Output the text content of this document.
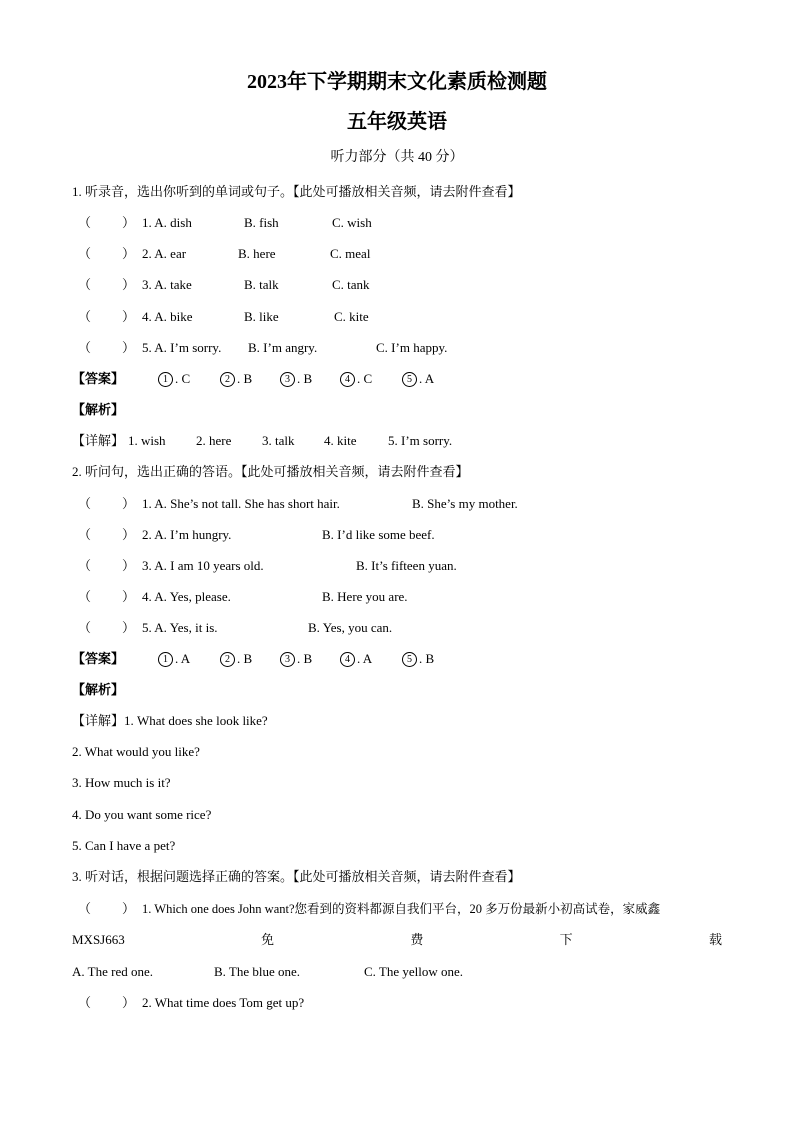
2023年下学期期末文化素质检测题
五年级英语
听力部分（共 40 分）
1. 听录音，选出你听到的单词或句子。【此处可播放相关音频，请去附件查看】
（ ） 1. A. dish	B. fish	C. wish
（ ） 2. A. ear	B. here	C. meal
（ ） 3. A. take	B. talk	C. tank
（ ） 4. A. bike	B. like	C. kite
（ ） 5. A. I’m sorry. B. I’m angry.	C. I’m happy.
【答案】	1 . C	2 . B	3 . B	4 . C	5 . A
【解析】
【详解】 1. wish 2. here 3. talk 4. kite 5. I’m sorry.
2. 听问句，选出正确的答语。【此处可播放相关音频，请去附件查看】
（ ） 1. A. She’s not tall. She has short hair.	B. She’s my mother.
（ ） 2. A. I’m hungry.	B. I’d like some beef.
（ ） 3. A. I am 10 years old.	B. It’s fifteen yuan.
（ ） 4. A. Yes, please.	B. Here you are.
（ ） 5. A. Yes, it is.	B. Yes, you can.
【答案】	1 . A	2 . B	3 . B	4 . A	5 . B
【解析】
【详解】1. What does she look like?
2. What would you like?
3. How much is it?
4. Do you want some rice?
5. Can I have a pet?
3. 听对话，根据问题选择正确的答案。【此处可播放相关音频，请去附件查看】
（ ） 1. Which one does John want?您看到的资料都源自我们平台，20 多万份最新小初高试卷，家威鑫
MXSJ663	免	费	下	载
A. The red one.	B. The blue one.	C. The yellow one.
（ ） 2. What time does Tom get up?
